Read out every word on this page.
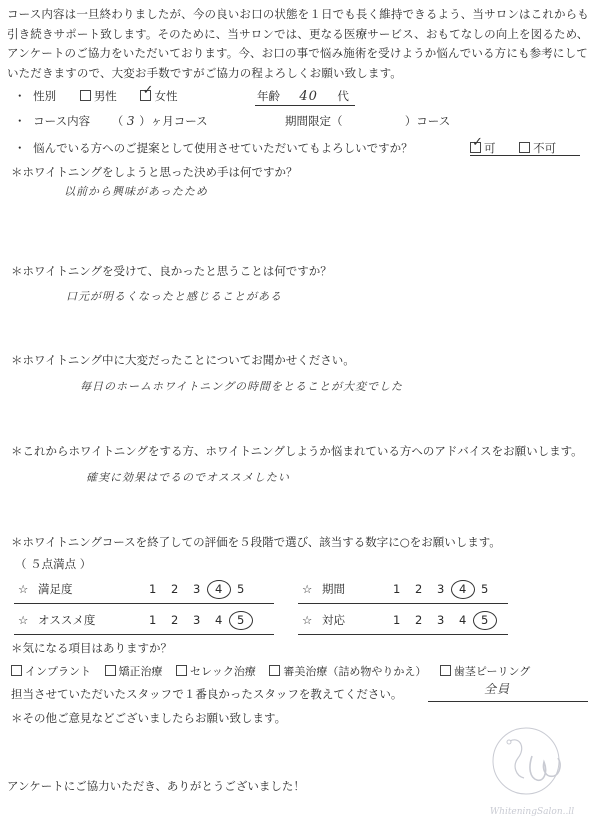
コース内容は一旦終わりましたが、今の良いお口の状態を１日でも長く維持できるよう、当サロンはこれからも引き続きサポート致します。そのために、当サロンでは、更なる医療サービス、おもてなしの向上を図るため、アンケートのご協力をいただいております。今、お口の事で悩み施術を受けようか悩んでいる方にも参考にしていただきますので、大変お手数ですがご協力の程よろしくお願い致します。
・ 性別	男性 ✓	女性	年齢 40 代
・ コース内容 （ 3 ）ヶ月コース	期間限定（	）コース
・ 悩んでいる方へのご提案として使用させていただいてもよろしいですか？ ✓	可	不可
＊ホワイトニングをしようと思った決め手は何ですか？
以前から興味があったため
＊ホワイトニングを受けて、良かったと思うことは何ですか？
口元が明るくなったと感じることがある
＊ホワイトニング中に大変だったことについてお聞かせください。
毎日のホームホワイトニングの時間をとることが大変でした
＊これからホワイトニングをする方、ホワイトニングしようか悩まれている方へのアドバイスをお願いします。
確実に効果はでるのでオススメしたい
＊ホワイトニングコースを終了しての評価を５段階で選び、該当する数字に○をお願いします。
（ ５点満点 ）
☆ 満足度	1 2 3 4 5	☆ 期間	1 2 3 4 5
☆ オススメ度	1 2 3 4 5	☆ 対応	1 2 3 4 5
＊気になる項目はありますか？
インプラント	矯正治療	セレック治療	審美治療（詰め物やりかえ）	歯茎ピーリング
担当させていただいたスタッフで１番良かったスタッフを教えてください。	全員
＊その他ご意見などございましたらお願い致します。
アンケートにご協力いただき、ありがとうございました！
WhiteningSalon..ll
